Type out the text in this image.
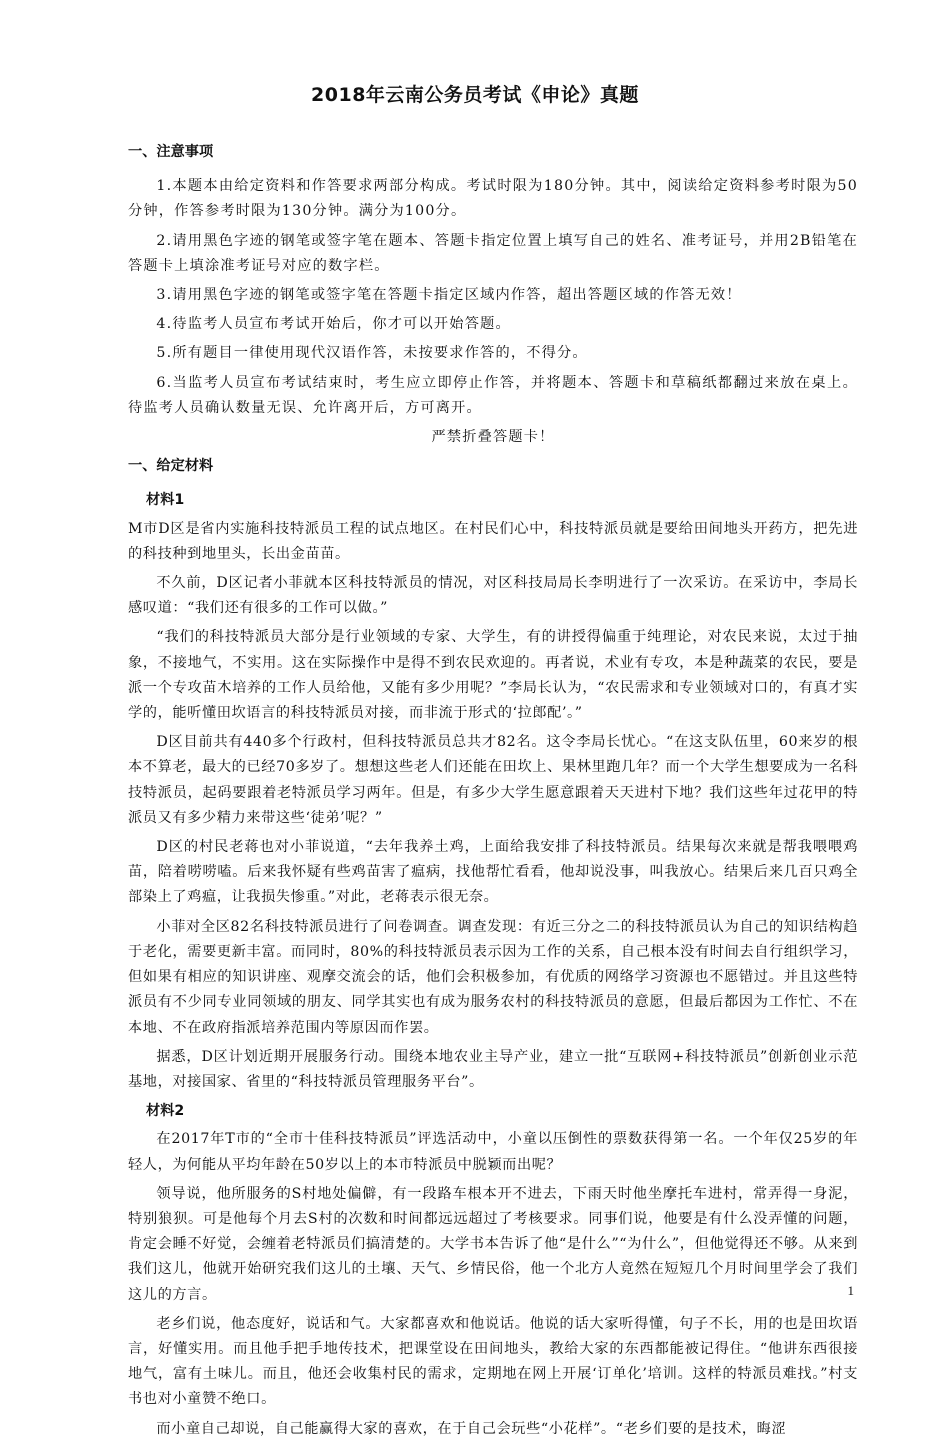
2018年云南公务员考试《申论》真题
一、注意事项

1.本题本由给定资料和作答要求两部分构成。考试时限为180分钟。其中，阅读给定资料参考时限为50分钟，作答参考时限为130分钟。满分为100分。

2.请用黑色字迹的钢笔或签字笔在题本、答题卡指定位置上填写自己的姓名、准考证号，并用2B铅笔在答题卡上填涂准考证号对应的数字栏。

3.请用黑色字迹的钢笔或签字笔在答题卡指定区域内作答，超出答题区域的作答无效！

4.待监考人员宣布考试开始后，你才可以开始答题。

5.所有题目一律使用现代汉语作答，未按要求作答的，不得分。

6.当监考人员宣布考试结束时，考生应立即停止作答，并将题本、答题卡和草稿纸都翻过来放在桌上。待监考人员确认数量无误、允许离开后，方可离开。

严禁折叠答题卡！
一、给定材料
材料1

M市D区是省内实施科技特派员工程的试点地区。在村民们心中，科技特派员就是要给田间地头开药方，把先进的科技种到地里头，长出金苗苗。

不久前，D区记者小菲就本区科技特派员的情况，对区科技局局长李明进行了一次采访。在采访中，李局长感叹道：“我们还有很多的工作可以做。”

“我们的科技特派员大部分是行业领域的专家、大学生，有的讲授得偏重于纯理论，对农民来说，太过于抽象，不接地气，不实用。这在实际操作中是得不到农民欢迎的。再者说，术业有专攻，本是种蔬菜的农民，要是派一个专攻苗木培养的工作人员给他，又能有多少用呢？”李局长认为，“农民需求和专业领域对口的，有真才实学的，能听懂田坎语言的科技特派员对接，而非流于形式的‘拉郎配’。”

D区目前共有440多个行政村，但科技特派员总共才82名。这令李局长忧心。“在这支队伍里，60来岁的根本不算老，最大的已经70多岁了。想想这些老人们还能在田坎上、果林里跑几年？而一个大学生想要成为一名科技特派员，起码要跟着老特派员学习两年。但是，有多少大学生愿意跟着天天进村下地？我们这些年过花甲的特派员又有多少精力来带这些‘徒弟’呢？”

D区的村民老蒋也对小菲说道，“去年我养土鸡，上面给我安排了科技特派员。结果每次来就是帮我喂喂鸡苗，陪着唠唠嗑。后来我怀疑有些鸡苗害了瘟病，找他帮忙看看，他却说没事，叫我放心。结果后来几百只鸡全部染上了鸡瘟，让我损失惨重。”对此，老蒋表示很无奈。

小菲对全区82名科技特派员进行了问卷调查。调查发现：有近三分之二的科技特派员认为自己的知识结构趋于老化，需要更新丰富。而同时，80%的科技特派员表示因为工作的关系，自己根本没有时间去自行组织学习，但如果有相应的知识讲座、观摩交流会的话，他们会积极参加，有优质的网络学习资源也不愿错过。并且这些特派员有不少同专业同领域的朋友、同学其实也有成为服务农村的科技特派员的意愿，但最后都因为工作忙、不在本地、不在政府指派培养范围内等原因而作罢。

据悉，D区计划近期开展服务行动。围绕本地农业主导产业，建立一批“互联网+科技特派员”创新创业示范基地，对接国家、省里的“科技特派员管理服务平台”。

材料2

在2017年T市的“全市十佳科技特派员”评选活动中，小童以压倒性的票数获得第一名。一个年仅25岁的年轻人，为何能从平均年龄在50岁以上的本市特派员中脱颖而出呢？

领导说，他所服务的S村地处偏僻，有一段路车根本开不进去，下雨天时他坐摩托车进村，常弄得一身泥，特别狼狈。可是他每个月去S村的次数和时间都远远超过了考核要求。同事们说，他要是有什么没弄懂的问题，肯定会睡不好觉，会缠着老特派员们搞清楚的。大学书本告诉了他“是什么”“为什么”，但他觉得还不够。从来到我们这儿，他就开始研究我们这儿的土壤、天气、乡情民俗，他一个北方人竟然在短短几个月时间里学会了我们这儿的方言。

老乡们说，他态度好，说话和气。大家都喜欢和他说话。他说的话大家听得懂，句子不长，用的也是田坎语言，好懂实用。而且他手把手地传技术，把课堂设在田间地头，教给大家的东西都能被记得住。“他讲东西很接地气，富有土味儿。而且，他还会收集村民的需求，定期地在网上开展‘订单化’培训。这样的特派员难找。”村支书也对小童赞不绝口。

而小童自己却说，自己能赢得大家的喜欢，在于自己会玩些“小花样”。“老乡们要的是技术，晦涩

1
